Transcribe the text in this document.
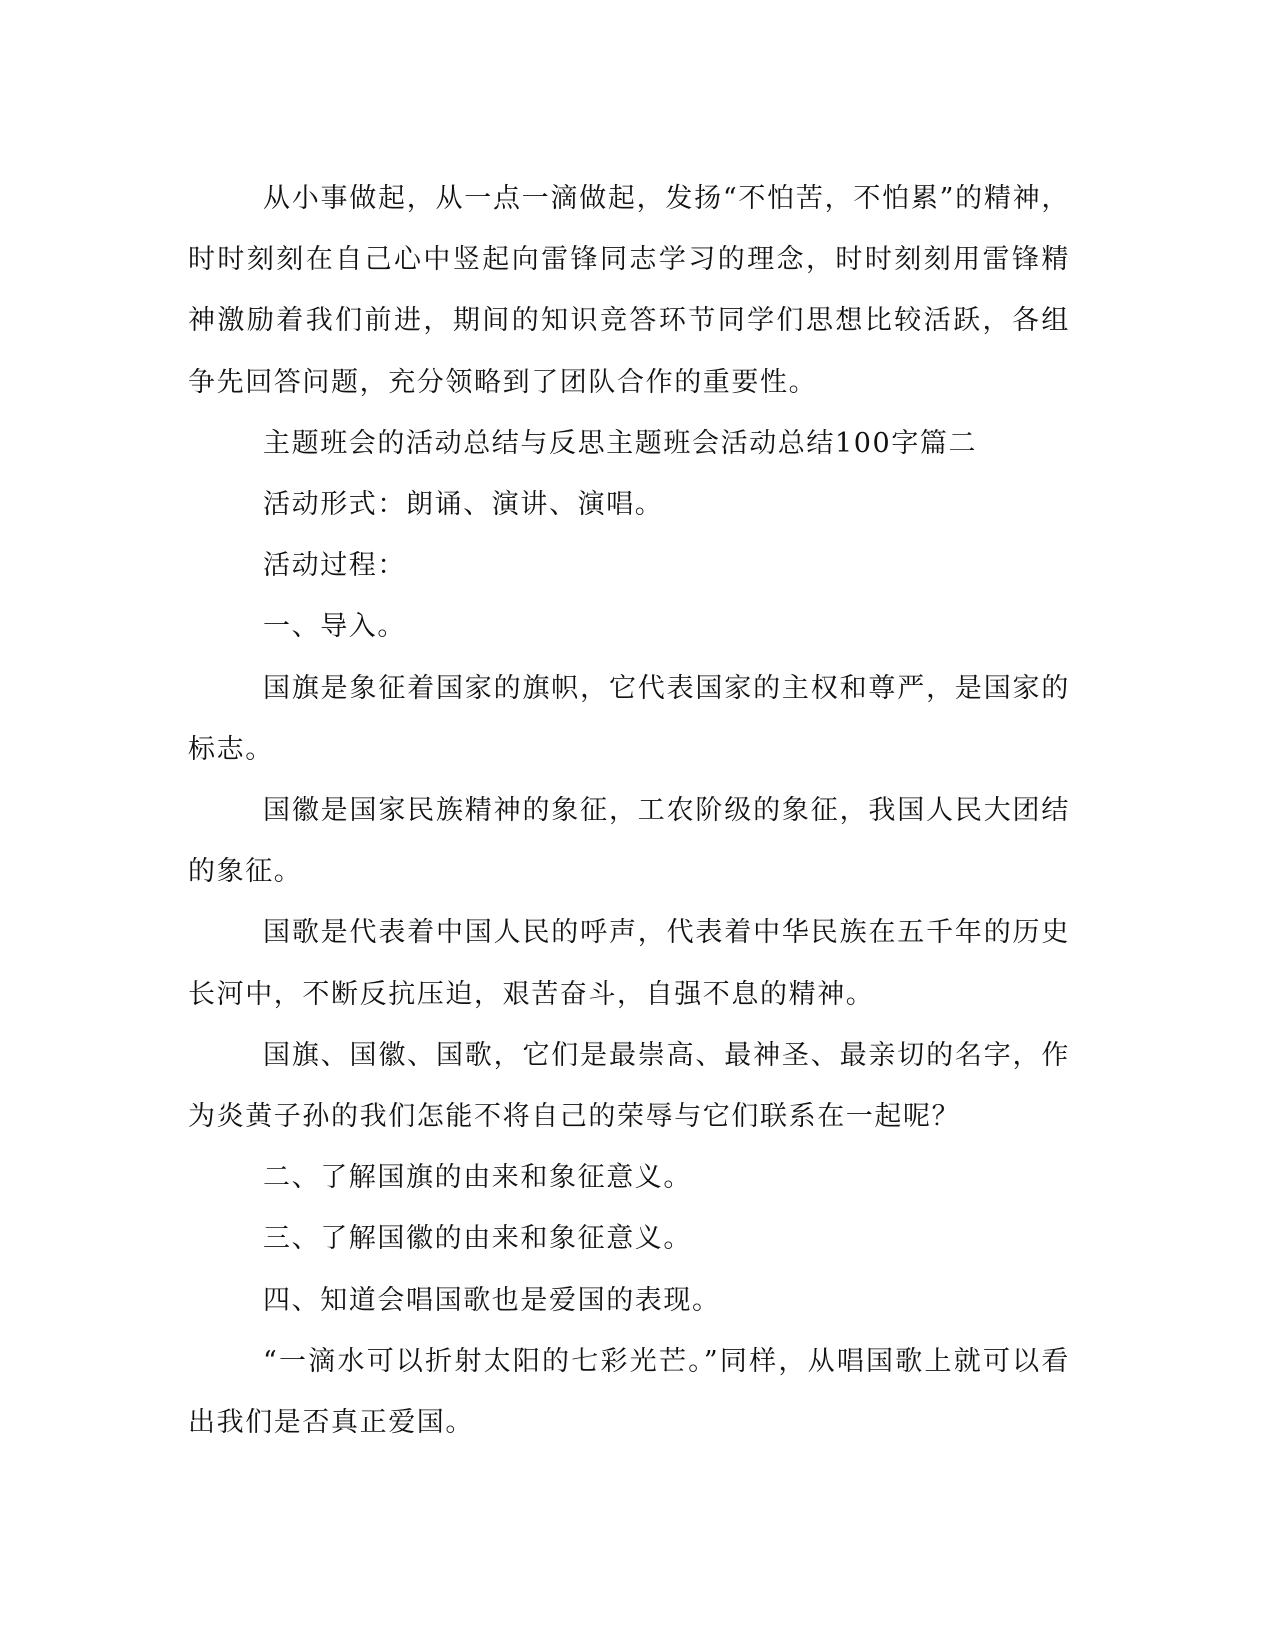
从小事做起，从一点一滴做起，发扬“不怕苦，不怕累”的精神，时时刻刻在自己心中竖起向雷锋同志学习的理念，时时刻刻用雷锋精神激励着我们前进，期间的知识竞答环节同学们思想比较活跃，各组争先回答问题，充分领略到了团队合作的重要性。

主题班会的活动总结与反思主题班会活动总结100字篇二

活动形式：朗诵、演讲、演唱。

活动过程：

一、导入。

国旗是象征着国家的旗帜，它代表国家的主权和尊严，是国家的标志。

国徽是国家民族精神的象征，工农阶级的象征，我国人民大团结的象征。

国歌是代表着中国人民的呼声，代表着中华民族在五千年的历史长河中，不断反抗压迫，艰苦奋斗，自强不息的精神。

国旗、国徽、国歌，它们是最崇高、最神圣、最亲切的名字，作为炎黄子孙的我们怎能不将自己的荣辱与它们联系在一起呢？

二、了解国旗的由来和象征意义。

三、了解国徽的由来和象征意义。

四、知道会唱国歌也是爱国的表现。

“一滴水可以折射太阳的七彩光芒。”同样，从唱国歌上就可以看出我们是否真正爱国。
